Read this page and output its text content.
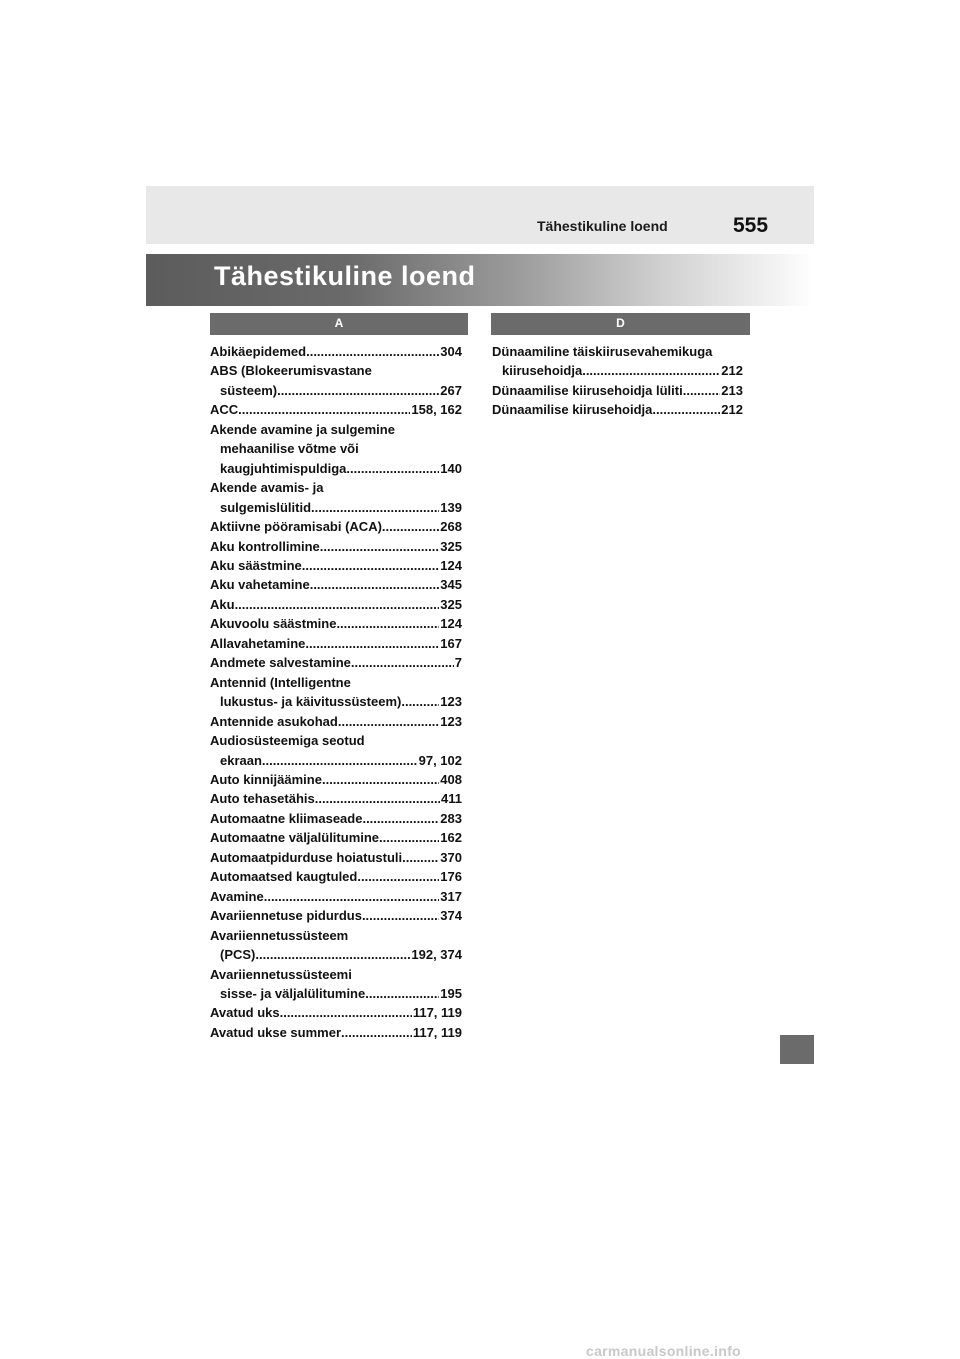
Tähestikuline loend	555
Tähestikuline loend
A	D
Abikäepidemed .....	304
ABS (Blokeerumisvastane
süsteem) .....	267
ACC .....	158, 162
Akende avamine ja sulgemine
mehaanilise võtme või
kaugjuhtimispuldiga .....	140
Akende avamis- ja
sulgemislülitid .....	139
Aktiivne pööramisabi (ACA) .....	268
Aku kontrollimine .....	325
Aku säästmine .....	124
Aku vahetamine .....	345
Aku .....	325
Akuvoolu säästmine .....	124
Allavahetamine .....	167
Andmete salvestamine .....	7
Antennid (Intelligentne
lukustus- ja käivitussüsteem) .....	123
Antennide asukohad .....	123
Audiosüsteemiga seotud
ekraan .....	97, 102
Auto kinnijäämine .....	408
Auto tehasetähis .....	411
Automaatne kliimaseade .....	283
Automaatne väljalülitumine .....	162
Automaatpidurduse hoiatustuli .....	370
Automaatsed kaugtuled .....	176
Avamine .....	317
Avariiennetuse pidurdus .....	374
Avariiennetussüsteem
(PCS) .....	192, 374
Avariiennetussüsteemi
sisse- ja väljalülitumine .....	195
Avatud uks .....	117, 119
Avatud ukse summer .....	117, 119
Dünaamiline täiskiirusevahemikuga
kiirusehoidja .....	212
Dünaamilise kiirusehoidja lüliti .....	213
Dünaamilise kiirusehoidja .....	212
carmanualsonline.info
